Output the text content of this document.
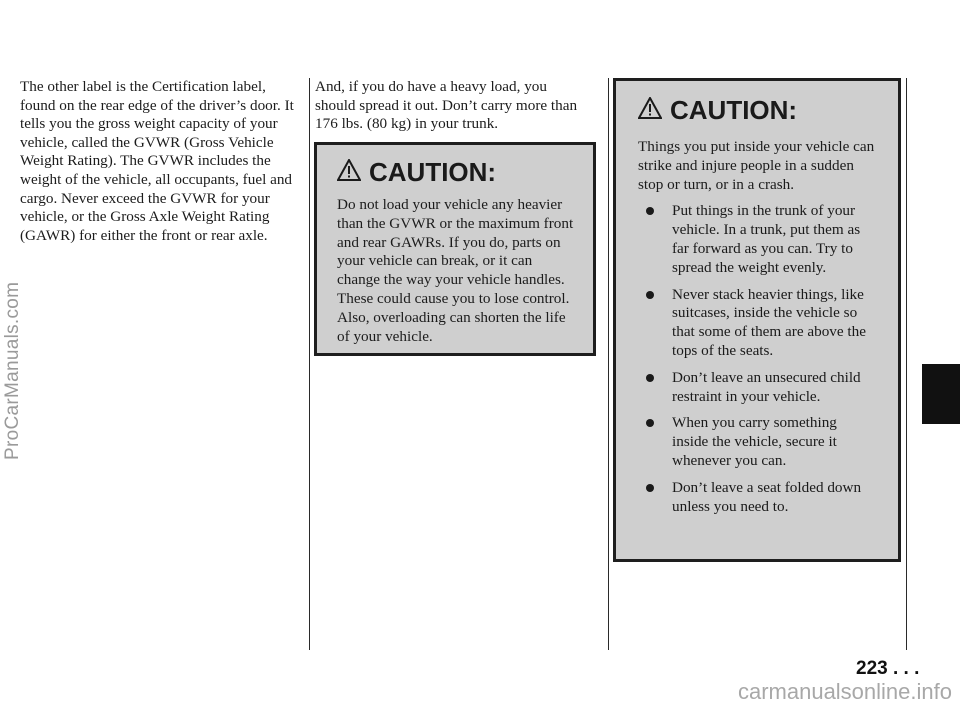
ProCarManuals.com

The other label is the Certification label, found on the rear edge of the driver’s door. It tells you the gross weight capacity of your vehicle, called the GVWR (Gross Vehicle Weight Rating). The GVWR includes the weight of the vehicle, all occupants, fuel and cargo. Never exceed the GVWR for your vehicle, or the Gross Axle Weight Rating (GAWR) for either the front or rear axle.

And, if you do have a heavy load, you should spread it out. Don’t carry more than 176 lbs. (80 kg) in your trunk.

CAUTION:

Do not load your vehicle any heavier than the GVWR or the maximum front and rear GAWRs. If you do, parts on your vehicle can break, or it can change the way your vehicle handles. These could cause you to lose control. Also, overloading can shorten the life of your vehicle.

CAUTION:

Things you put inside your vehicle can strike and injure people in a sudden stop or turn, or in a crash.

Put things in the trunk of your vehicle. In a trunk, put them as far forward as you can. Try to spread the weight evenly.
Never stack heavier things, like suitcases, inside the vehicle so that some of them are above the tops of the seats.
Don’t leave an unsecured child restraint in your vehicle.
When you carry something inside the vehicle, secure it whenever you can.
Don’t leave a seat folded down unless you need to.
223 . . .
carmanualsonline.info
